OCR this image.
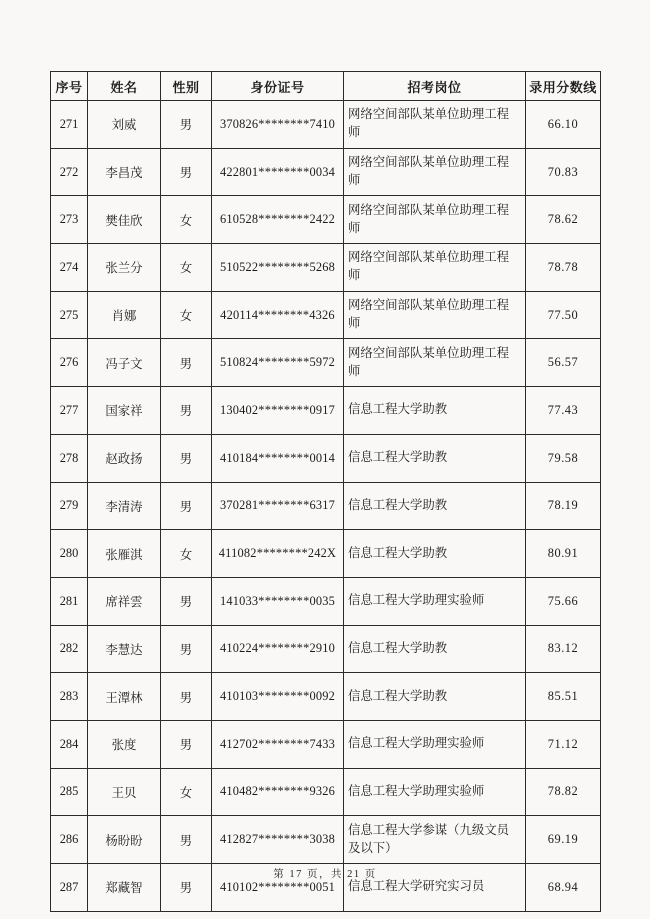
序号	姓名	性别	身份证号	招考岗位	录用分数线
271	刘威	男	370826********7410	网络空间部队某单位助理工程师	66.10
272	李昌茂	男	422801********0034	网络空间部队某单位助理工程师	70.83
273	樊佳欣	女	610528********2422	网络空间部队某单位助理工程师	78.62
274	张兰分	女	510522********5268	网络空间部队某单位助理工程师	78.78
275	肖娜	女	420114********4326	网络空间部队某单位助理工程师	77.50
276	冯子文	男	510824********5972	网络空间部队某单位助理工程师	56.57
277	国家祥	男	130402********0917	信息工程大学助教	77.43
278	赵政扬	男	410184********0014	信息工程大学助教	79.58
279	李清涛	男	370281********6317	信息工程大学助教	78.19
280	张雁淇	女	411082********242X	信息工程大学助教	80.91
281	席祥雲	男	141033********0035	信息工程大学助理实验师	75.66
282	李慧达	男	410224********2910	信息工程大学助教	83.12
283	王潭林	男	410103********0092	信息工程大学助教	85.51
284	张度	男	412702********7433	信息工程大学助理实验师	71.12
285	王贝	女	410482********9326	信息工程大学助理实验师	78.82
286	杨盼盼	男	412827********3038	信息工程大学参谋（九级文员及以下）	69.19
287	郑藏智	男	410102********0051	信息工程大学研究实习员	68.94
第 17 页，共 21 页
